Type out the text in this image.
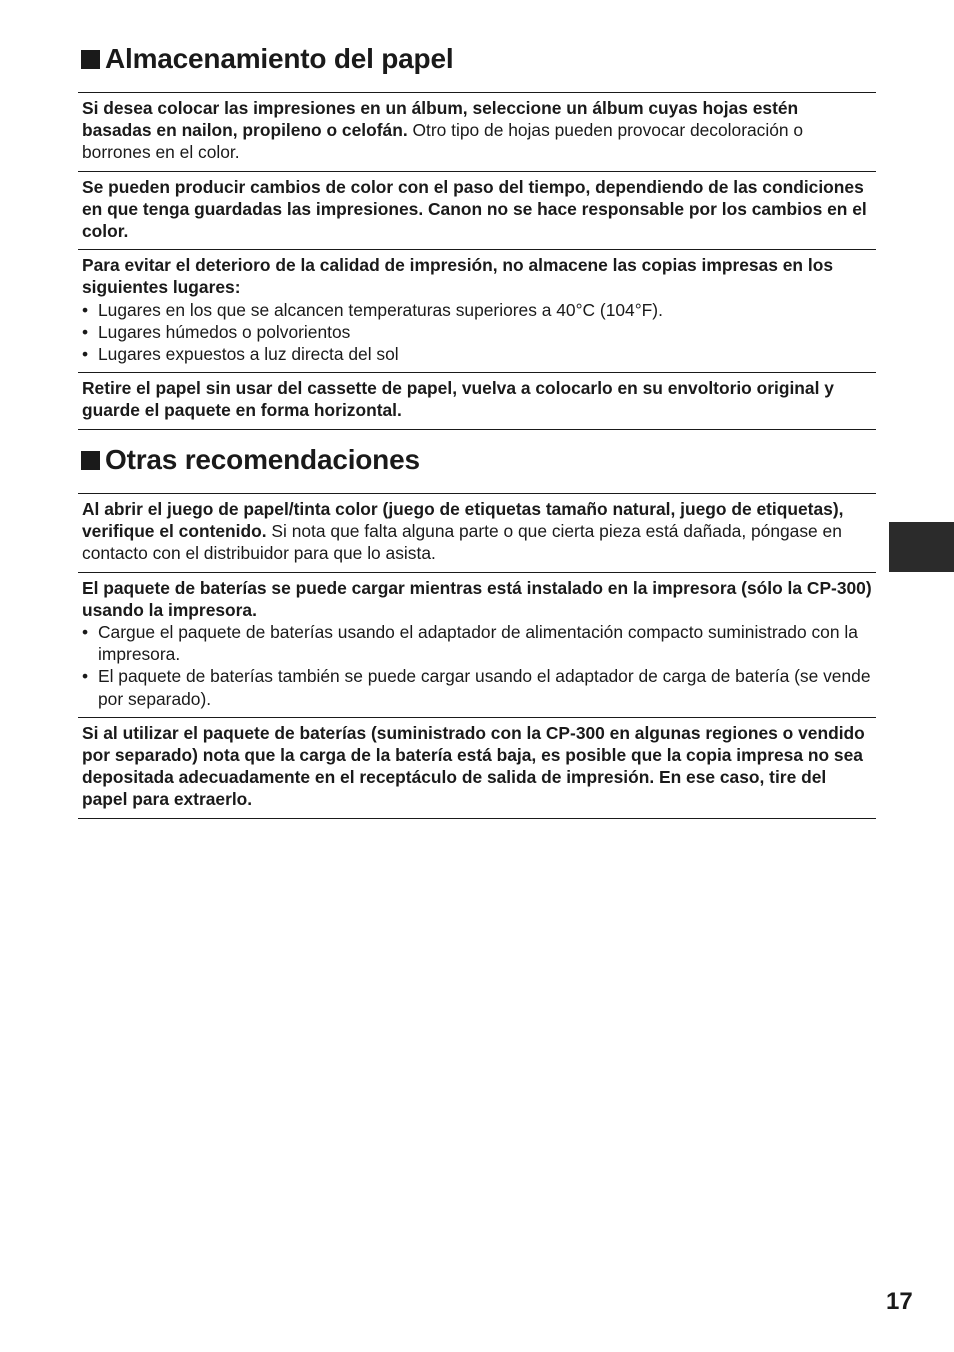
Almacenamiento del papel
Si desea colocar las impresiones en un álbum, seleccione un álbum cuyas hojas estén basadas en nailon, propileno o celofán. Otro tipo de hojas pueden provocar decoloración o borrones en el color.
Se pueden producir cambios de color con el paso del tiempo, dependiendo de las condiciones en que tenga guardadas las impresiones. Canon no se hace responsable por los cambios en el color.
Para evitar el deterioro de la calidad de impresión, no almacene las copias impresas en los siguientes lugares:
• Lugares en los que se alcancen temperaturas superiores a 40°C (104°F).
• Lugares húmedos o polvorientos
• Lugares expuestos a luz directa del sol
Retire el papel sin usar del cassette de papel, vuelva a colocarlo en su envoltorio original y guarde el paquete en forma horizontal.
Otras recomendaciones
Al abrir el juego de papel/tinta color (juego de etiquetas tamaño natural, juego de etiquetas), verifique el contenido. Si nota que falta alguna parte o que cierta pieza está dañada, póngase en contacto con el distribuidor para que lo asista.
El paquete de baterías se puede cargar mientras está instalado en la impresora (sólo la CP-300) usando la impresora.
• Cargue el paquete de baterías usando el adaptador de alimentación compacto suministrado con la impresora.
• El paquete de baterías también se puede cargar usando el adaptador de carga de batería (se vende por separado).
Si al utilizar el paquete de baterías (suministrado con la CP-300 en algunas regiones o vendido por separado) nota que la carga de la batería está baja, es posible que la copia impresa no sea depositada adecuadamente en el receptáculo de salida de impresión. En ese caso, tire del papel para extraerlo.
17
